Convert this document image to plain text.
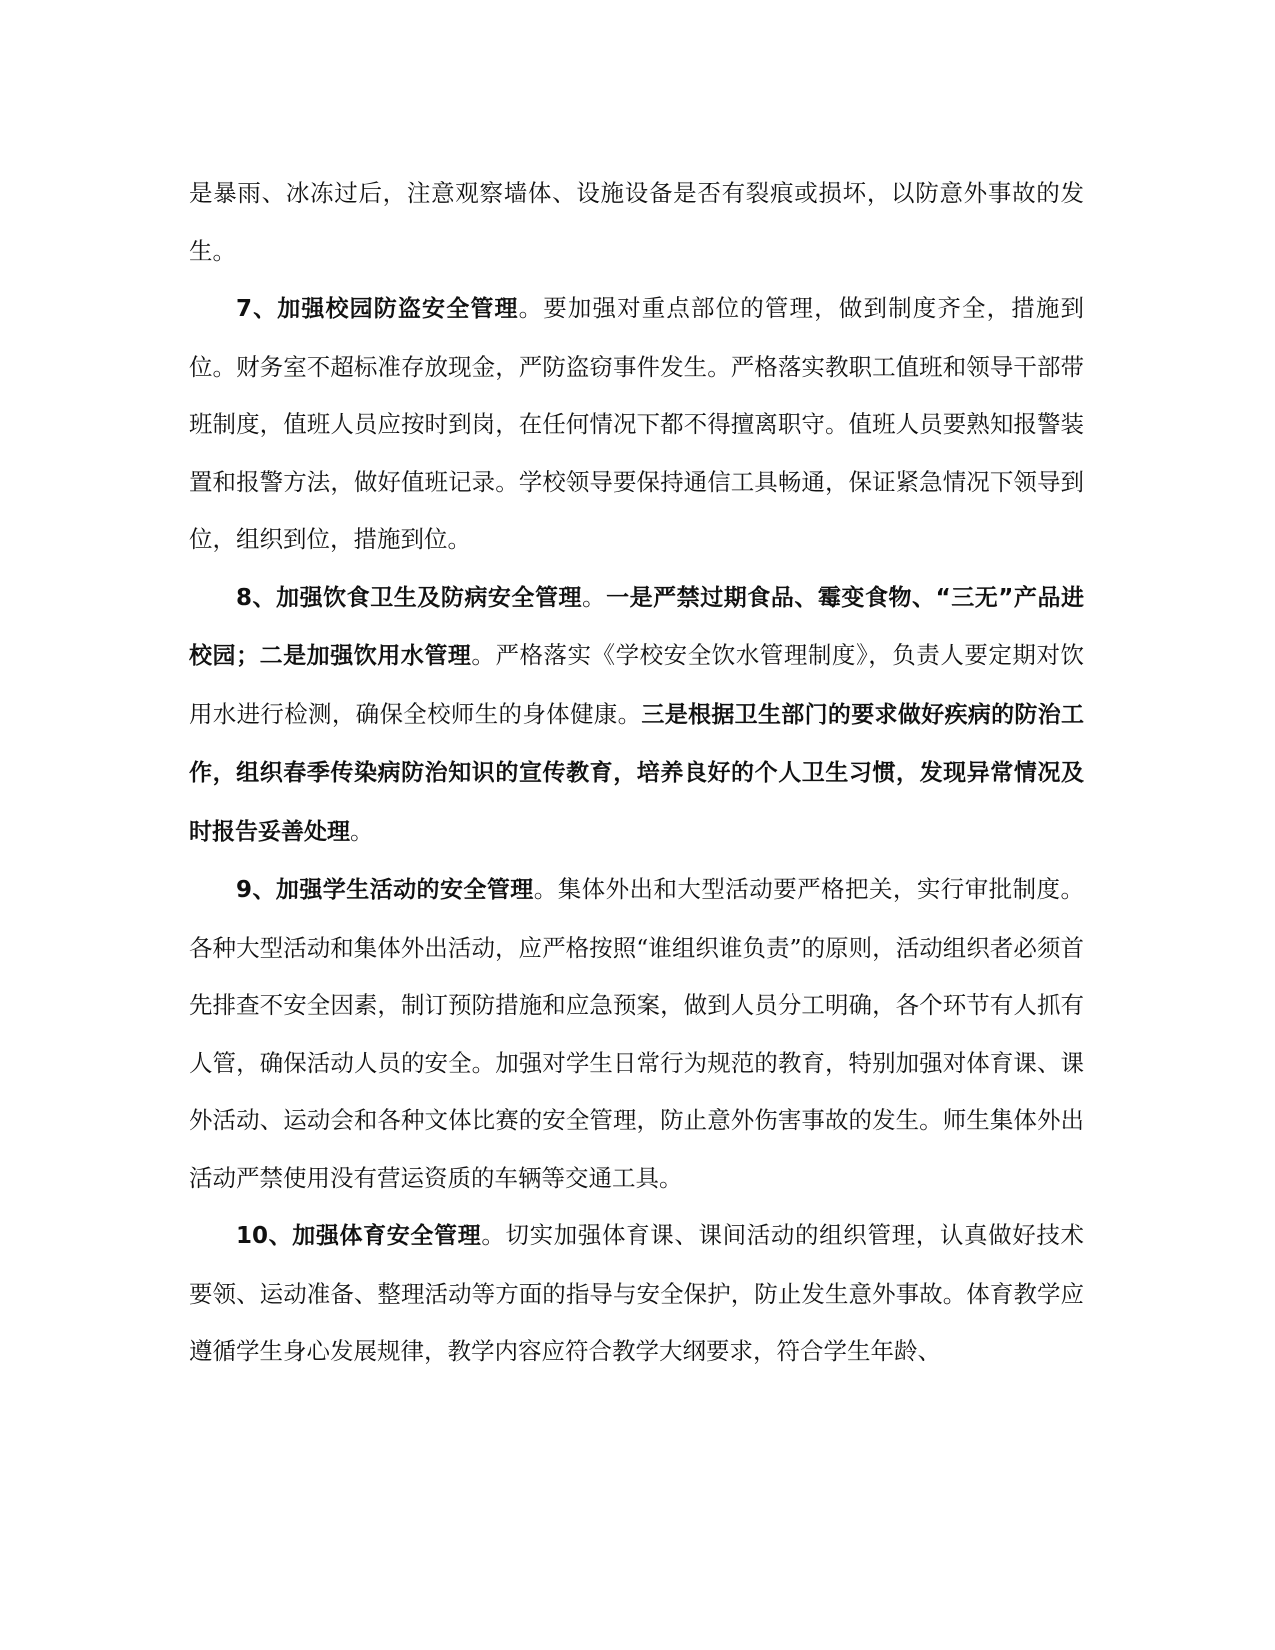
是暴雨、冰冻过后，注意观察墙体、设施设备是否有裂痕或损坏，以防意外事故的发生。

7、加强校园防盗安全管理。要加强对重点部位的管理，做到制度齐全，措施到位。财务室不超标准存放现金，严防盗窃事件发生。严格落实教职工值班和领导干部带班制度，值班人员应按时到岗，在任何情况下都不得擅离职守。值班人员要熟知报警装置和报警方法，做好值班记录。学校领导要保持通信工具畅通，保证紧急情况下领导到位，组织到位，措施到位。

8、加强饮食卫生及防病安全管理。一是严禁过期食品、霉变食物、“三无”产品进校园；二是加强饮用水管理。严格落实《学校安全饮水管理制度》，负责人要定期对饮用水进行检测，确保全校师生的身体健康。三是根据卫生部门的要求做好疾病的防治工作，组织春季传染病防治知识的宣传教育，培养良好的个人卫生习惯，发现异常情况及时报告妥善处理。

9、加强学生活动的安全管理。集体外出和大型活动要严格把关，实行审批制度。各种大型活动和集体外出活动，应严格按照“谁组织谁负责”的原则，活动组织者必须首先排查不安全因素，制订预防措施和应急预案，做到人员分工明确，各个环节有人抓有人管，确保活动人员的安全。加强对学生日常行为规范的教育，特别加强对体育课、课外活动、运动会和各种文体比赛的安全管理，防止意外伤害事故的发生。师生集体外出活动严禁使用没有营运资质的车辆等交通工具。

10、加强体育安全管理。切实加强体育课、课间活动的组织管理，认真做好技术要领、运动准备、整理活动等方面的指导与安全保护，防止发生意外事故。体育教学应遵循学生身心发展规律，教学内容应符合教学大纲要求，符合学生年龄、
